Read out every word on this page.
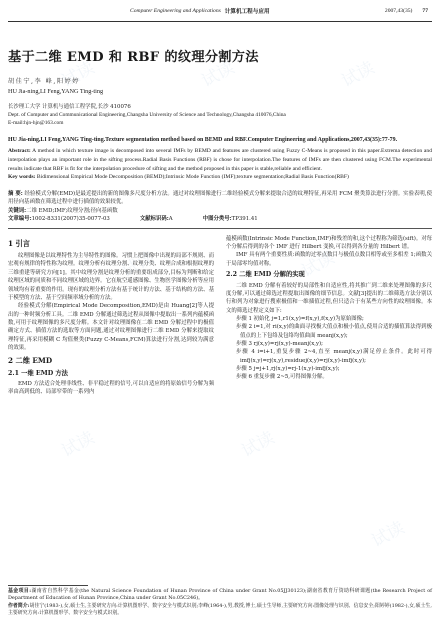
Computer Engineering and Applications 计算机工程与应用	2007,43(35) 77
基于二维 EMD 和 RBF 的纹理分割方法
胡佳宁,李 峰,阳婷婷
HU Jia-ning,LI Feng,YANG Ting-ting
长沙理工大学 计算机与通信工程学院,长沙 410076
Dept. of Computer and Communicational Engineering,Changsha University of Science and Technology,Changsha 410076,China
E-mail:hjn-hjn@163.com
HU Jia-ning,LI Feng,YANG Ting-ting.Texture segmentation method based on BEMD and RBF.Computer Engineering and Applications,2007,43(35):77-79.
Abstract: A method in which texture image is decomposed into several IMFs by BEMD and features are clustered using Fuzzy C-Means is proposed in this paper.Extrema detection and interpolation plays an important role in the sifting process.Radial Basis Functions (RBF) is chose for interpolation.The features of IMFs are then clustered using FCM.The experimental results indicate that RBF is fit for the interpolation procedure of sifting and the method proposed in this paper is stable,reliable and efficient.
Key words: Bidimensional Empirical Mode Decomposition (BEMD);Intrinsic Mode Function (IMF);texture segmentation;Radial Basis Function(RBF)
摘 要: 经验模式分解(EMD)是最近提出的新的图像多尺度分析方法。通过对纹理图像进行二维经验模式分解来提取合适的纹理特征,再采用 FCM 聚类算法进行分割。实验表明,使用径向基函数在筛选过程中进行插值的效果较优。
关键词: 二维 EMD;IMF;纹理分割;径向基函数
文章编号:1002-8331(2007)35-0077-03	文献标识码:A	中图分类号:TP391.41
1 引言

纹理图像是以纹理特性为主导特性的图像。习惯上把图像中出现的局部不规则、而宏观有规律的特性称为纹理。纹理分析有纹理分割、纹理分类、纹理合成和根据纹理的三维重建等研究方向[1]。其中纹理分割是纹理分析的重要组成部分,目标为判断和给定纹理区域的同质和不同纹理区域的边界。它在航空遥感图像、生物医学图像分析等应用领域均有着重要的作用。现有的纹理分析方法有基于统计的方法、基于结构的方法、基于模型的方法、基于空间频率域分析的方法。

经验模式分解(Empirical Mode Decomposition,EMD)是由 Huang[2]等人提出的一种时频分析工具。二维 EMD 分解通过筛选过程从图像中提取出一系列内蕴模函数,可用于纹理图像的多尺度分解。本文针对纹理图像在二维 EMD 分解过程中的极值确定方式、插值方法的选取等方面问题,通过对纹理图像进行二维 EMD 分解来提取纹理特征,再采用模糊 C 均值聚类(Fuzzy C-Means,FCM)算法进行分割,达到较为满意的效果。

2 二维 EMD
2.1 一维 EMD 方法

EMD 方法适合处理非线性、非平稳过程的信号,可以自适应的将原始信号分解为频率由高到低的、局部窄带的一系列内

蕴模函数(Intrinsic Mode Function,IMF)和残差的和,这个过程称为筛选(sift)。对每个分解后得到的各个 IMF 进行 Hilbert 变换,可以得到各分量的 Hilbert 谱。

IMF 具有两个重要性质:函数的过零点数目与极值点数目相等或至多相差 1;函数关于局部零均值对称。

2.2 二维 EMD 分解的实现

二维 EMD 分解有着较好的局部性和自适应性,将其推广到二维来处理图像的多尺度分解,可以通过筛选过程提取出图像的细节信息。文献[3]提出的二维筛选方法分别以行和列为对象进行搜索极值和一维插值过程,但只适合于有某些方向性的纹理图像。本文的筛选过程定义如下:

步骤 1 初始化 j=1,r1(x,y)=f(x,y),f(x,y)为原始图像;

步骤 2 i=1,对 ri(x,y)的曲面寻找极大值点和极小值点,使用合适的插值算法得到极值点的上下包络及包络均值曲面 meanj(x,y);

步骤 3 rj(x,y)=rj(x,y)-meanj(x,y);

步骤 4 i=i+1,重复步骤 2~4,直至 meanj(x,y)满足停止条件。此时可得 imfj(x,y)=rj(x,y),residuej(x,y)=rj(x,y)-imfj(x,y);

步骤 5 j=j+1,rj(x,y)=rj-1(x,y)-imfj(x,y);

步骤 6 重复步骤 2~5,可得图像分解。

基金项目:湖南省自然科学基金(the Natural Science Foundation of Hunan Province of China under Grant No.05JJ30123);湖南省教育厅资助科研课题(the Research Project of Department of Education of Hunan Province,China under Grant No.05C246)。
作者简介:胡佳宁(1983-),女,硕士生,主要研究方向:计算机图形学、数字安全与模式识别;李峰(1964-),男,教授,博士,硕士生导师,主要研究方向:图像处理与识别、信息安全;阳婷婷(1982-),女,硕士生,主要研究方向:计算机图形学、数字安全与模式识别。
试读	试读	试读
试读	试读
试读	试读
试读
